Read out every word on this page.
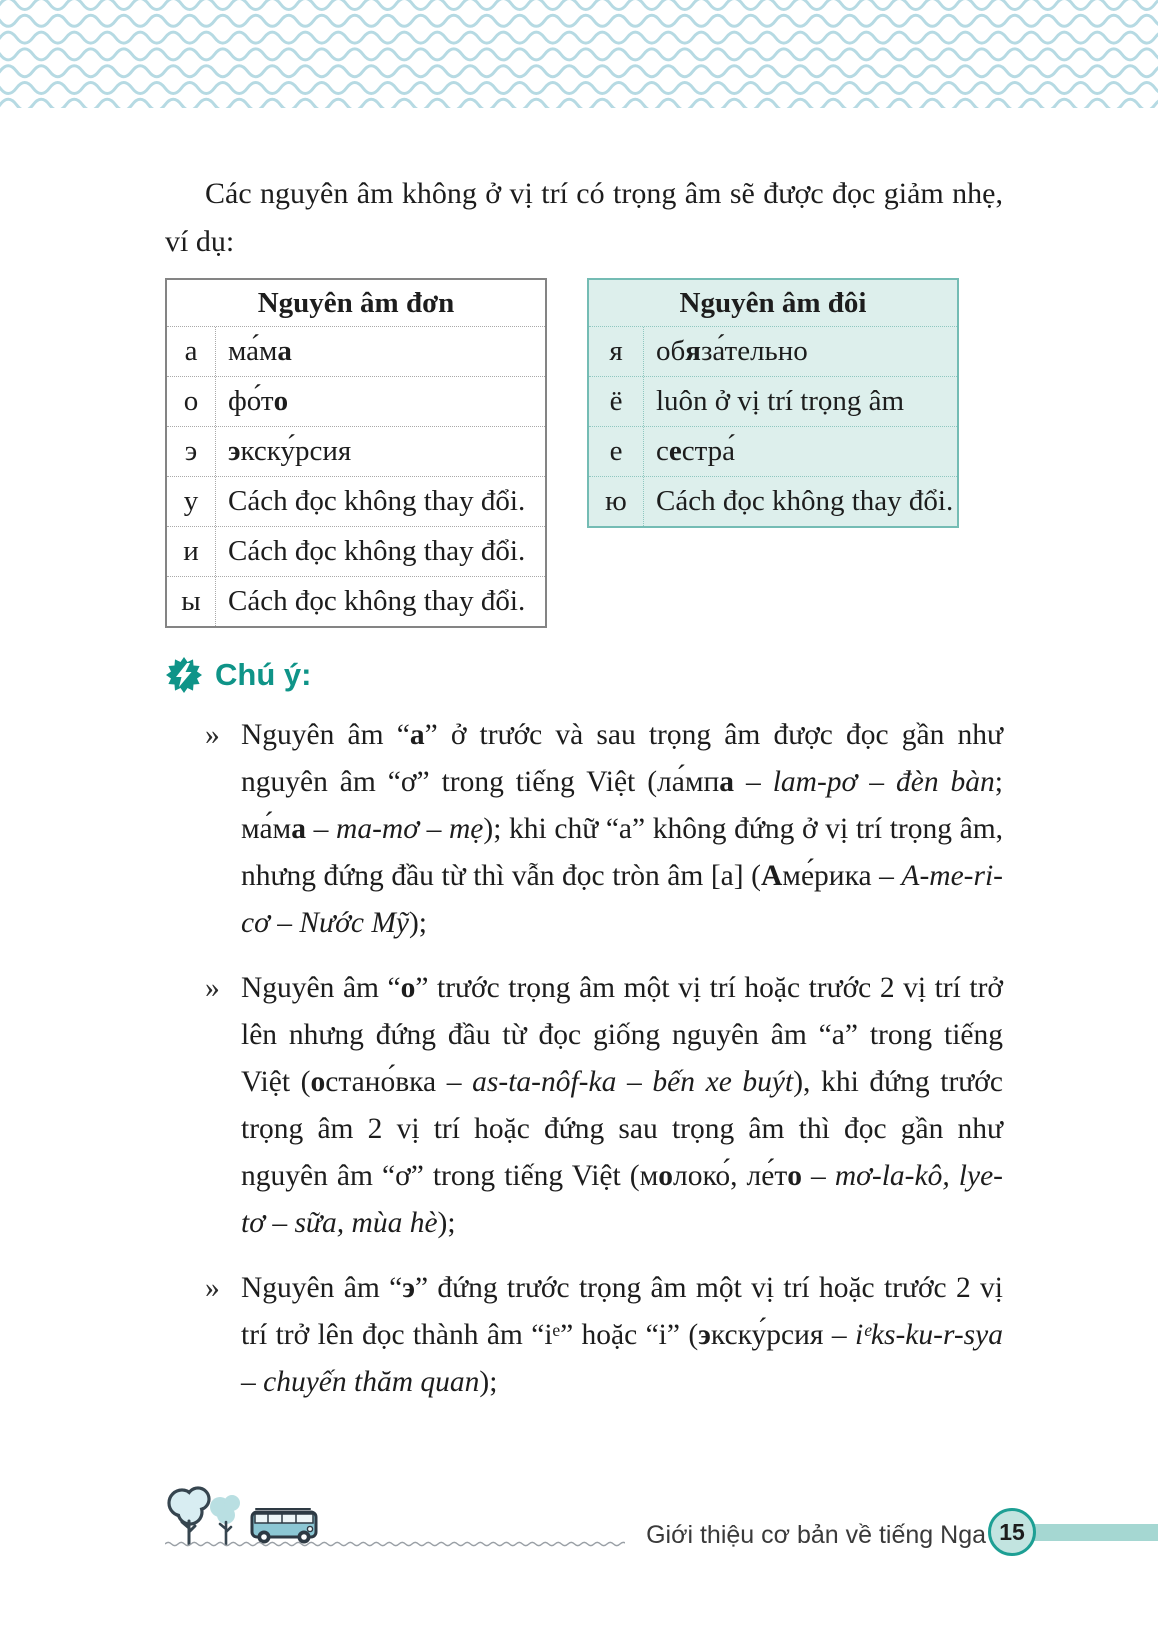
Các nguyên âm không ở vị trí có trọng âm sẽ được đọc giảm nhẹ, ví dụ:

Nguyên âm đơn
а	ма́ма
о	фо́то
э	экску́рсия
у	Cách đọc không thay đổi.
и	Cách đọc không thay đổi.
ы Cách đọc không thay đổi.
Nguyên âm đôi
я	обяза́тельно
ё	luôn ở vị trí trọng âm
е	сестра́
ю	Cách đọc không thay đổi.
Chú ý:
» Nguyên âm “a” ở trước và sau trọng âm được đọc gần như nguyên âm “ơ” trong tiếng Việt (ла́мпа – lam-pơ – đèn bàn; ма́ма – ma-mơ – mẹ); khi chữ “a” không đứng ở vị trí trọng âm, nhưng đứng đầu từ thì vẫn đọc tròn âm [a] (Аме́рика – A-me-ri-cơ – Nước Mỹ);
» Nguyên âm “о” trước trọng âm một vị trí hoặc trước 2 vị trí trở lên nhưng đứng đầu từ đọc giống nguyên âm “a” trong tiếng Việt (остано́вка – as-ta-nôf-ka – bến xe buýt), khi đứng trước trọng âm 2 vị trí hoặc đứng sau trọng âm thì đọc gần như nguyên âm “ơ” trong tiếng Việt (молоко́, ле́то – mơ-la-kô, lye-tơ – sữa, mùa hè);
» Nguyên âm “э” đứng trước trọng âm một vị trí hoặc trước 2 vị trí trở lên đọc thành âm “iᵉ” hoặc “i” (экску́рсия – iᵉks-ku-r-sya – chuyến thăm quan);
Giới thiệu cơ bản về tiếng Nga 15
